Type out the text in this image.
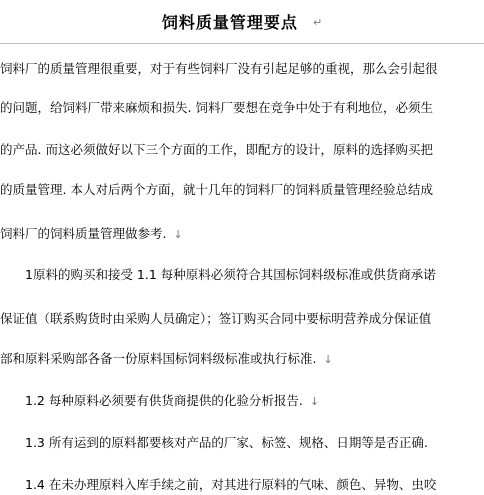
饲料质量管理要点 ↵
饲料厂的质量管理很重要，对于有些饲料厂没有引起足够的重视，那么会引起很
的问题，给饲料厂带来麻烦和损失. 饲料厂要想在竞争中处于有利地位，必须生
的产品. 而这必须做好以下三个方面的工作，即配方的设计，原料的选择购买把
的质量管理. 本人对后两个方面，就十几年的饲料厂的饲料质量管理经验总结成
饲料厂的饲料质量管理做参考. ↓
　　1原料的购买和接受 1.1 每种原料必须符合其国标饲料级标准或供货商承诺
保证值（联系购货时由采购人员确定）；签订购买合同中要标明营养成分保证值
部和原料采购部各备一份原料国标饲料级标准或执行标准. ↓
　　1.2 每种原料必须要有供货商提供的化验分析报告. ↓
　　1.3 所有运到的原料都要核对产品的厂家、标签、规格、日期等是否正确.
　　1.4 在未办理原料入库手续之前，对其进行原料的气味、颜色、异物、虫咬
